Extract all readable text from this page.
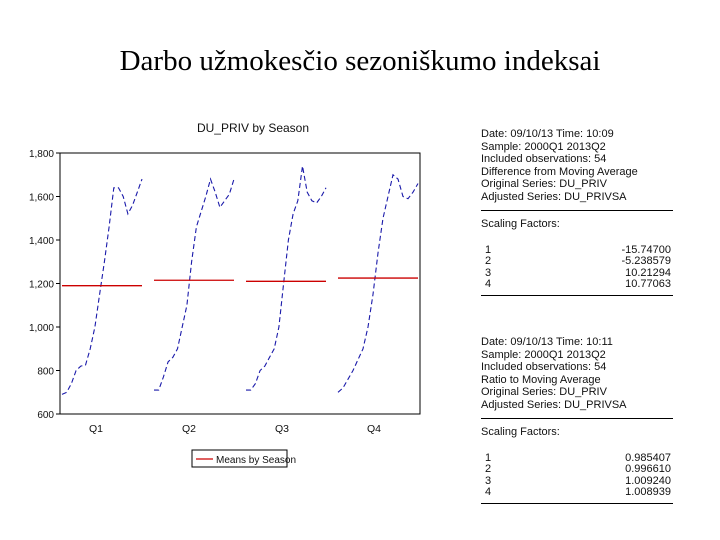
Darbo užmokesčio sezoniškumo indeksai
DU_PRIV by Season
1,800
1,600
1,400
1,200
1,000
800
600
Q1	Q2	Q3	Q4
Means by Season
Date: 09/10/13 Time: 10:09
Sample: 2000Q1 2013Q2
Included observations: 54
Difference from Moving Average
Original Series: DU_PRIV
Adjusted Series: DU_PRIVSA
Scaling Factors:
1	-15.74700
2	-5.238579
3	10.21294
4	10.77063
Date: 09/10/13 Time: 10:11
Sample: 2000Q1 2013Q2
Included observations: 54
Ratio to Moving Average
Original Series: DU_PRIV
Adjusted Series: DU_PRIVSA
Scaling Factors:
1	0.985407
2	0.996610
3	1.009240
4	1.008939
